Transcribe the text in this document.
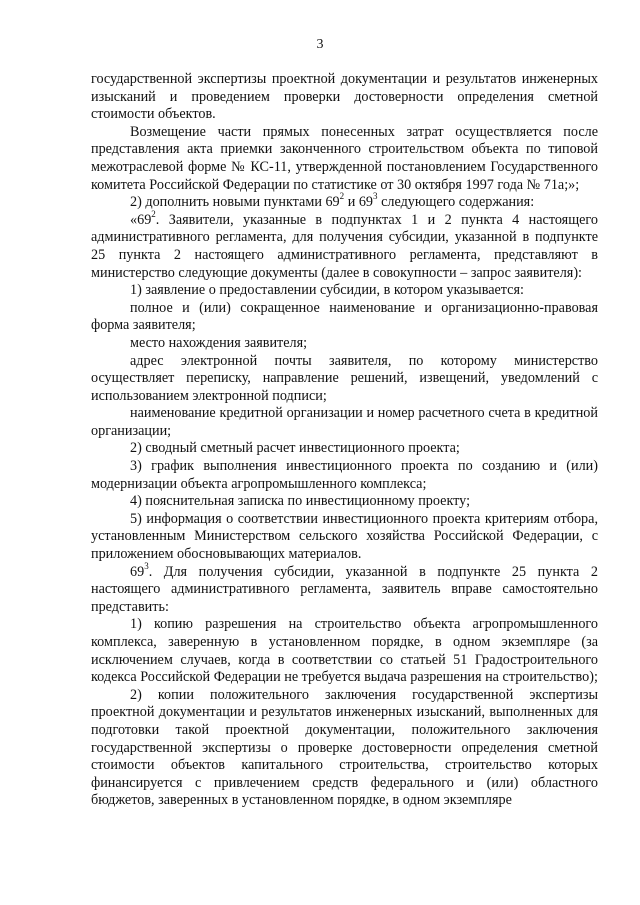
3

государственной экспертизы проектной документации и результатов инженерных изысканий и проведением проверки достоверности определения сметной стоимости объектов.

Возмещение части прямых понесенных затрат осуществляется после представления акта приемки законченного строительством объекта по типовой межотраслевой форме № КС-11, утвержденной постановлением Государственного комитета Российской Федерации по статистике от 30 октября 1997 года № 71а;»;

2) дополнить новыми пунктами $69^2$ и $69^3$ следующего содержания:

«$69^2$. Заявители, указанные в подпунктах 1 и 2 пункта 4 настоящего административного регламента, для получения субсидии, указанной в подпункте 25 пункта 2 настоящего административного регламента, представляют в министерство следующие документы (далее в совокупности – запрос заявителя):

1) заявление о предоставлении субсидии, в котором указывается:

полное и (или) сокращенное наименование и организационно-правовая форма заявителя;

место нахождения заявителя;

адрес электронной почты заявителя, по которому министерство осуществляет переписку, направление решений, извещений, уведомлений с использованием электронной подписи;

наименование кредитной организации и номер расчетного счета в кредитной организации;

2) сводный сметный расчет инвестиционного проекта;

3) график выполнения инвестиционного проекта по созданию и (или) модернизации объекта агропромышленного комплекса;

4) пояснительная записка по инвестиционному проекту;

5) информация о соответствии инвестиционного проекта критериям отбора, установленным Министерством сельского хозяйства Российской Федерации, с приложением обосновывающих материалов.

$69^3$. Для получения субсидии, указанной в подпункте 25 пункта 2 настоящего административного регламента, заявитель вправе самостоятельно представить:

1) копию разрешения на строительство объекта агропромышленного комплекса, заверенную в установленном порядке, в одном экземпляре (за исключением случаев, когда в соответствии со статьей 51 Градостроительного кодекса Российской Федерации не требуется выдача разрешения на строительство);

2) копии положительного заключения государственной экспертизы проектной документации и результатов инженерных изысканий, выполненных для подготовки такой проектной документации, положительного заключения государственной экспертизы о проверке достоверности определения сметной стоимости объектов капитального строительства, строительство которых финансируется с привлечением средств федерального и (или) областного бюджетов, заверенных в установленном порядке, в одном экземпляре
